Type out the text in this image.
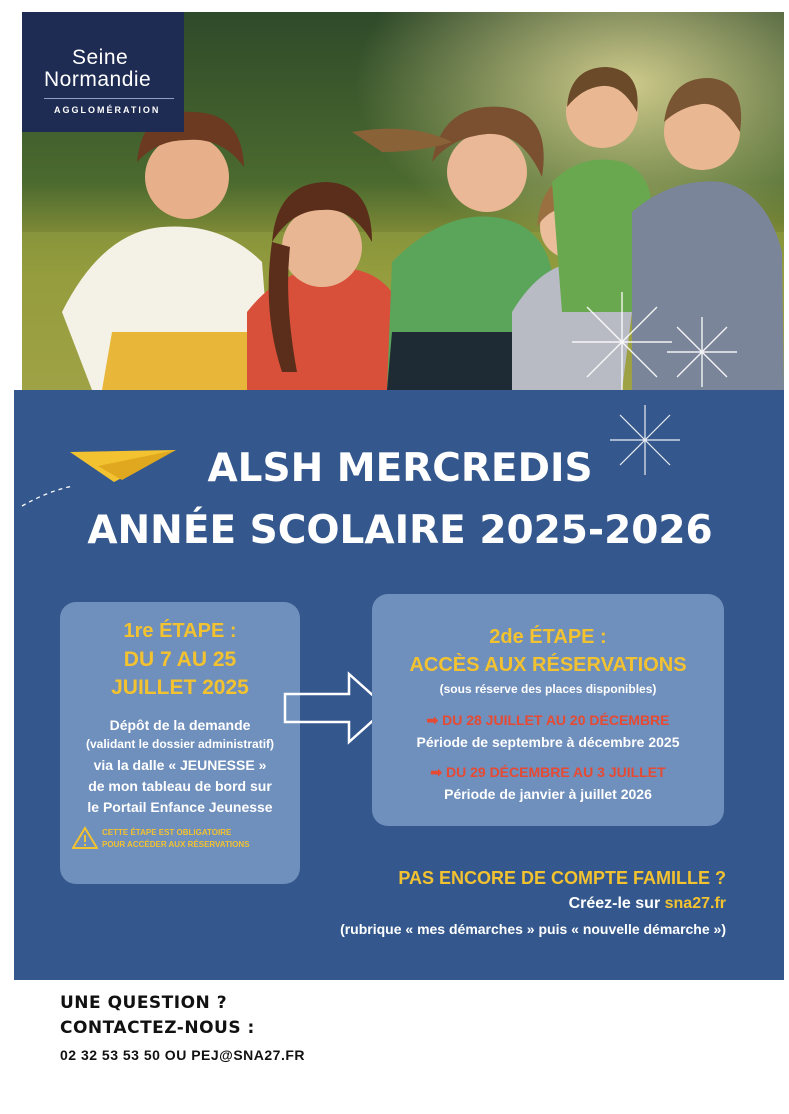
Seine
Normandie
AGGLOMÉRATION
ALSH MERCREDIS
ANNÉE SCOLAIRE 2025-2026
1re ÉTAPE :
DU 7 AU 25
JUILLET 2025
Dépôt de la demande
(validant le dossier administratif)
via la dalle « JEUNESSE »
de mon tableau de bord sur
le Portail Enfance Jeunesse
CETTE ÉTAPE EST OBLIGATOIRE
POUR ACCÉDER AUX RÉSERVATIONS
2de ÉTAPE :
ACCÈS AUX RÉSERVATIONS
(sous réserve des places disponibles)
➡ DU 28 JUILLET AU 20 DÉCEMBRE
Période de septembre à décembre 2025
➡ DU 29 DÉCEMBRE AU 3 JUILLET
Période de janvier à juillet 2026
PAS ENCORE DE COMPTE FAMILLE ?
Créez-le sur sna27.fr
(rubrique « mes démarches » puis « nouvelle démarche »)
UNE QUESTION ?
CONTACTEZ-NOUS :
02 32 53 53 50 OU PEJ@SNA27.FR
